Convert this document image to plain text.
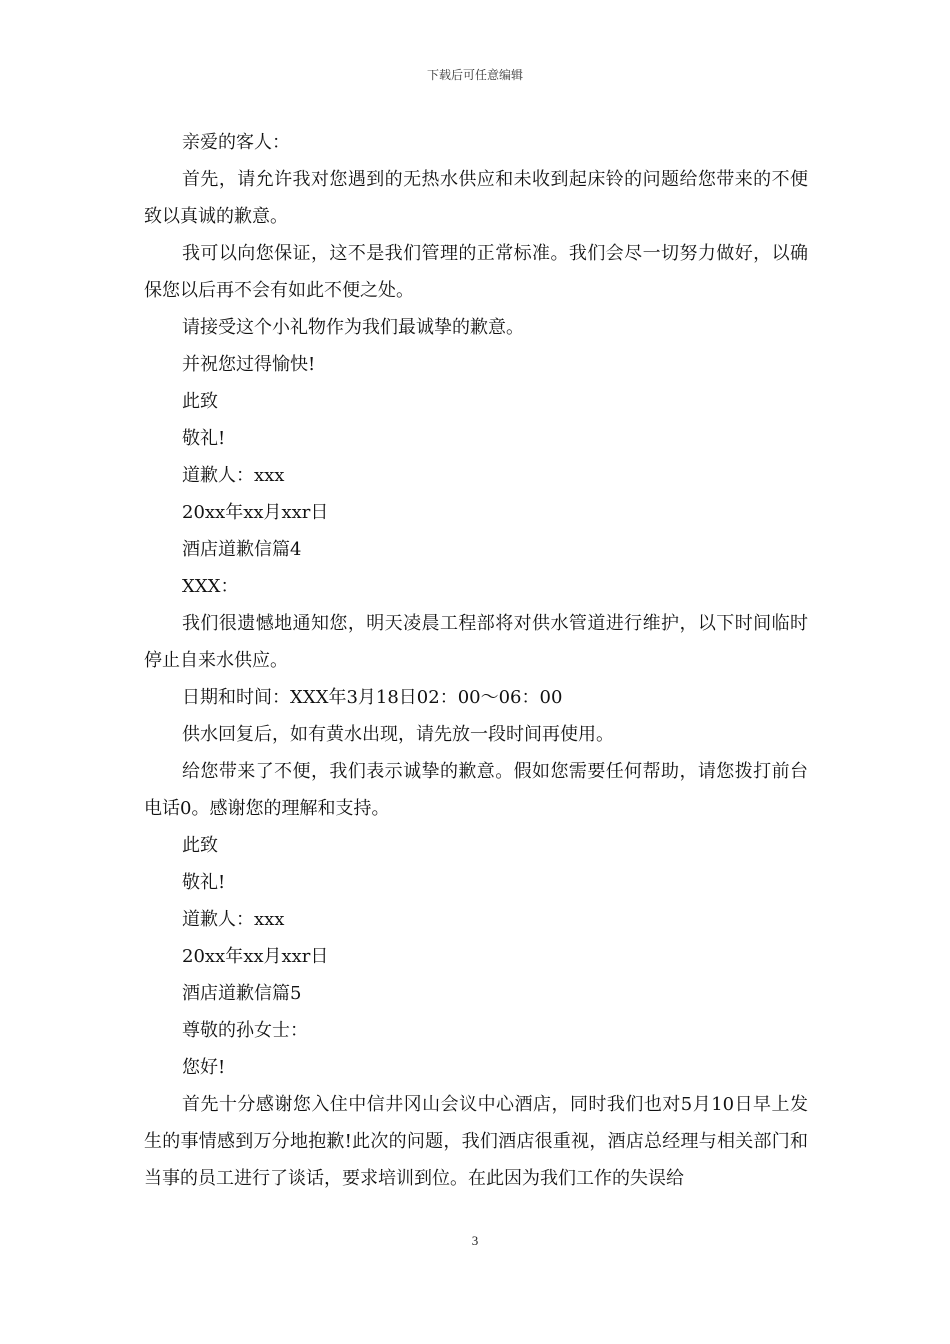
下载后可任意编辑

亲爱的客人：

首先，请允许我对您遇到的无热水供应和未收到起床铃的问题给您带来的不便致以真诚的歉意。

我可以向您保证，这不是我们管理的正常标准。我们会尽一切努力做好，以确保您以后再不会有如此不便之处。

请接受这个小礼物作为我们最诚挚的歉意。

并祝您过得愉快!

此致

敬礼!

道歉人：xxx

20xx年xx月xxr日

酒店道歉信篇4

XXX：

我们很遗憾地通知您，明天凌晨工程部将对供水管道进行维护，以下时间临时停止自来水供应。

日期和时间：XXX年3月18日02：00～06：00

供水回复后，如有黄水出现，请先放一段时间再使用。

给您带来了不便，我们表示诚挚的歉意。假如您需要任何帮助，请您拨打前台电话0。感谢您的理解和支持。

此致

敬礼!

道歉人：xxx

20xx年xx月xxr日

酒店道歉信篇5

尊敬的孙女士：

您好!

首先十分感谢您入住中信井冈山会议中心酒店，同时我们也对5月10日早上发生的事情感到万分地抱歉!此次的问题，我们酒店很重视，酒店总经理与相关部门和当事的员工进行了谈话，要求培训到位。在此因为我们工作的失误给

3
